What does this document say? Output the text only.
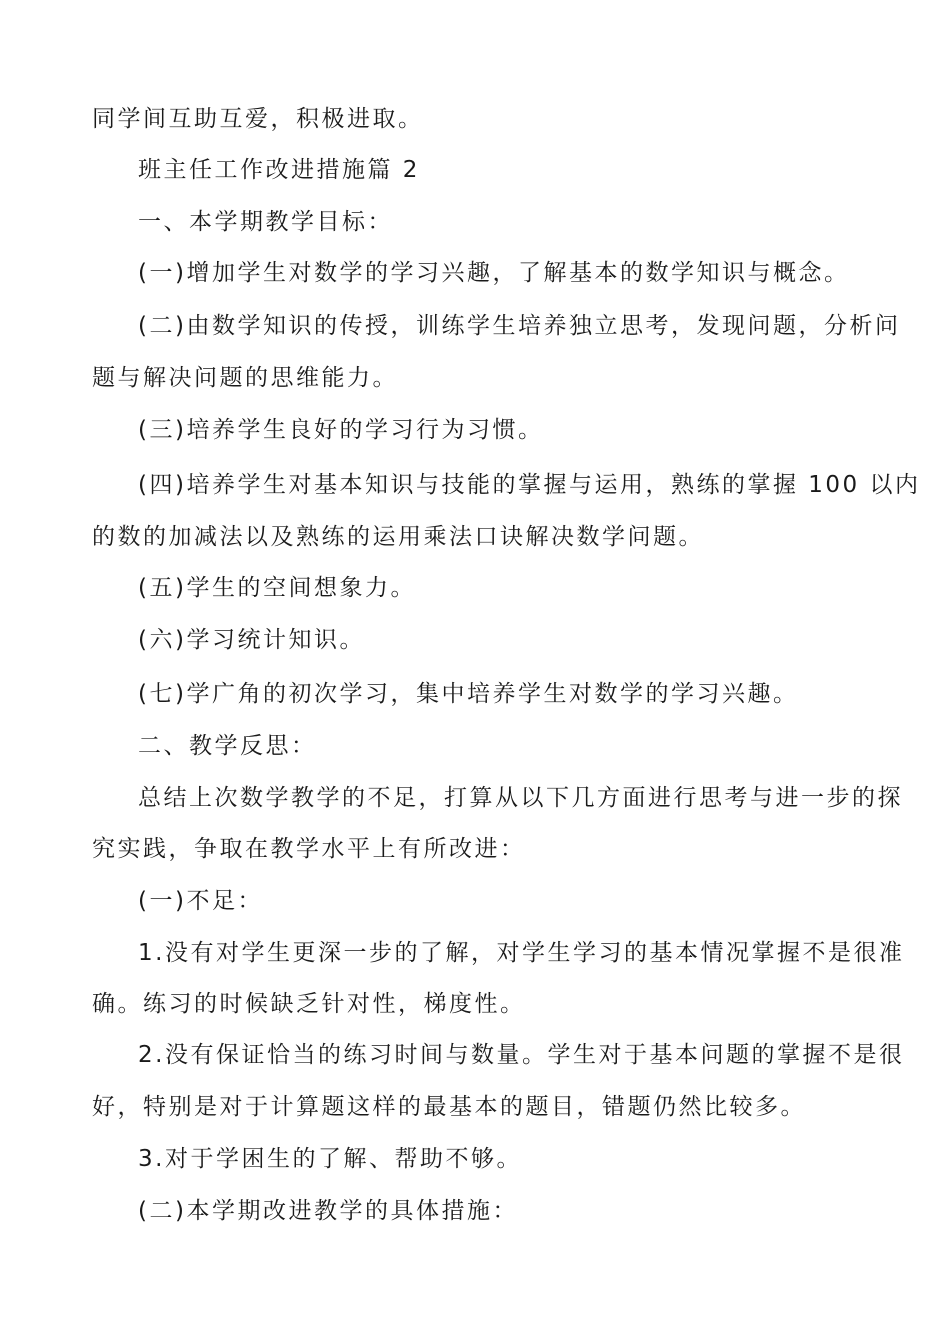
同学间互助互爱，积极进取。

班主任工作改进措施篇 2

一、本学期教学目标：

(一)增加学生对数学的学习兴趣，了解基本的数学知识与概念。

(二)由数学知识的传授，训练学生培养独立思考，发现问题，分析问

题与解决问题的思维能力。

(三)培养学生良好的学习行为习惯。

(四)培养学生对基本知识与技能的掌握与运用，熟练的掌握 100 以内

的数的加减法以及熟练的运用乘法口诀解决数学问题。

(五)学生的空间想象力。

(六)学习统计知识。

(七)学广角的初次学习，集中培养学生对数学的学习兴趣。

二、教学反思：

总结上次数学教学的不足，打算从以下几方面进行思考与进一步的探

究实践，争取在教学水平上有所改进：

(一)不足：

1.没有对学生更深一步的了解，对学生学习的基本情况掌握不是很准

确。练习的时候缺乏针对性，梯度性。

2.没有保证恰当的练习时间与数量。学生对于基本问题的掌握不是很

好，特别是对于计算题这样的最基本的题目，错题仍然比较多。

3.对于学困生的了解、帮助不够。

(二)本学期改进教学的具体措施：
